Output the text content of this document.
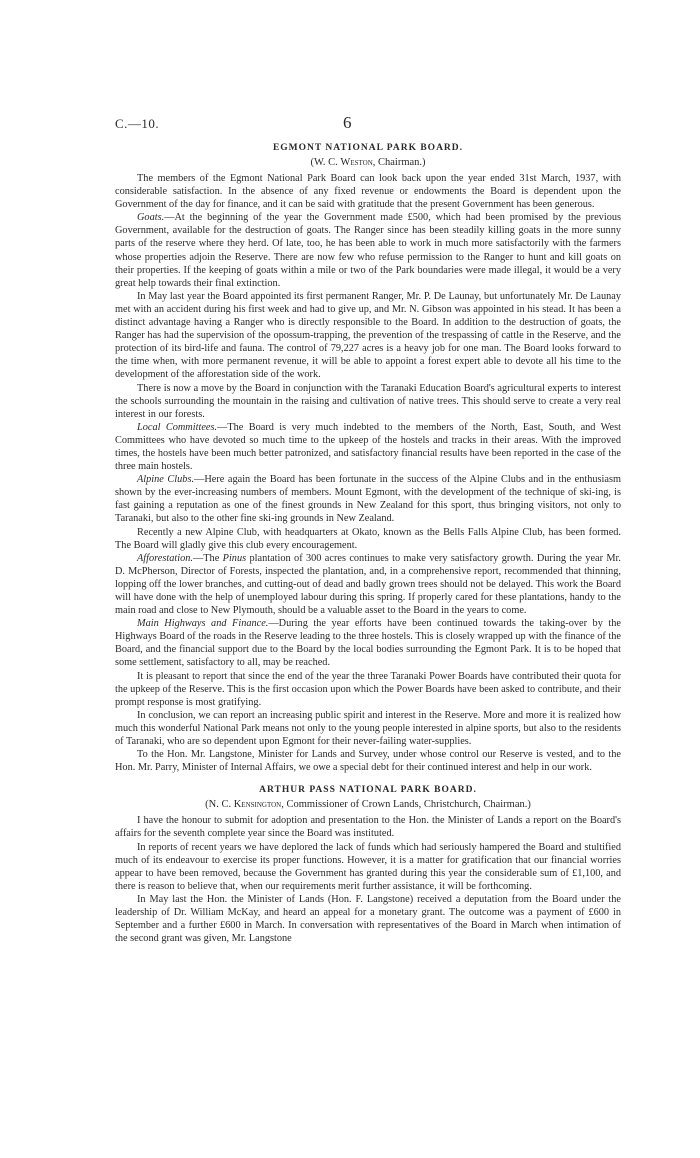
C.—10.	6
EGMONT NATIONAL PARK BOARD.
(W. C. Weston, Chairman.)

The members of the Egmont National Park Board can look back upon the year ended 31st March, 1937, with considerable satisfaction. In the absence of any fixed revenue or endowments the Board is dependent upon the Government of the day for finance, and it can be said with gratitude that the present Government has been generous.

Goats.—At the beginning of the year the Government made £500, which had been promised by the previous Government, available for the destruction of goats. The Ranger since has been steadily killing goats in the more sunny parts of the reserve where they herd. Of late, too, he has been able to work in much more satisfactorily with the farmers whose properties adjoin the Reserve. There are now few who refuse permission to the Ranger to hunt and kill goats on their properties. If the keeping of goats within a mile or two of the Park boundaries were made illegal, it would be a very great help towards their final extinction.

In May last year the Board appointed its first permanent Ranger, Mr. P. De Launay, but unfortunately Mr. De Launay met with an accident during his first week and had to give up, and Mr. N. Gibson was appointed in his stead. It has been a distinct advantage having a Ranger who is directly responsible to the Board. In addition to the destruction of goats, the Ranger has had the supervision of the opossum-trapping, the prevention of the trespassing of cattle in the Reserve, and the protection of its bird-life and fauna. The control of 79,227 acres is a heavy job for one man. The Board looks forward to the time when, with more permanent revenue, it will be able to appoint a forest expert able to devote all his time to the development of the afforestation side of the work.

There is now a move by the Board in conjunction with the Taranaki Education Board's agricultural experts to interest the schools surrounding the mountain in the raising and cultivation of native trees. This should serve to create a very real interest in our forests.

Local Committees.—The Board is very much indebted to the members of the North, East, South, and West Committees who have devoted so much time to the upkeep of the hostels and tracks in their areas. With the improved times, the hostels have been much better patronized, and satisfactory financial results have been reported in the case of the three main hostels.

Alpine Clubs.—Here again the Board has been fortunate in the success of the Alpine Clubs and in the enthusiasm shown by the ever-increasing numbers of members. Mount Egmont, with the development of the technique of ski-ing, is fast gaining a reputation as one of the finest grounds in New Zealand for this sport, thus bringing visitors, not only to Taranaki, but also to the other fine ski-ing grounds in New Zealand.

Recently a new Alpine Club, with headquarters at Okato, known as the Bells Falls Alpine Club, has been formed. The Board will gladly give this club every encouragement.

Afforestation.—The Pinus plantation of 300 acres continues to make very satisfactory growth. During the year Mr. D. McPherson, Director of Forests, inspected the plantation, and, in a comprehensive report, recommended that thinning, lopping off the lower branches, and cutting-out of dead and badly grown trees should not be delayed. This work the Board will have done with the help of unemployed labour during this spring. If properly cared for these plantations, handy to the main road and close to New Plymouth, should be a valuable asset to the Board in the years to come.

Main Highways and Finance.—During the year efforts have been continued towards the taking-over by the Highways Board of the roads in the Reserve leading to the three hostels. This is closely wrapped up with the finance of the Board, and the financial support due to the Board by the local bodies surrounding the Egmont Park. It is to be hoped that some settlement, satisfactory to all, may be reached.

It is pleasant to report that since the end of the year the three Taranaki Power Boards have contributed their quota for the upkeep of the Reserve. This is the first occasion upon which the Power Boards have been asked to contribute, and their prompt response is most gratifying.

In conclusion, we can report an increasing public spirit and interest in the Reserve. More and more it is realized how much this wonderful National Park means not only to the young people interested in alpine sports, but also to the residents of Taranaki, who are so dependent upon Egmont for their never-failing water-supplies.

To the Hon. Mr. Langstone, Minister for Lands and Survey, under whose control our Reserve is vested, and to the Hon. Mr. Parry, Minister of Internal Affairs, we owe a special debt for their continued interest and help in our work.

ARTHUR PASS NATIONAL PARK BOARD.
(N. C. Kensington, Commissioner of Crown Lands, Christchurch, Chairman.)

I have the honour to submit for adoption and presentation to the Hon. the Minister of Lands a report on the Board's affairs for the seventh complete year since the Board was instituted.

In reports of recent years we have deplored the lack of funds which had seriously hampered the Board and stultified much of its endeavour to exercise its proper functions. However, it is a matter for gratification that our financial worries appear to have been removed, because the Government has granted during this year the considerable sum of £1,100, and there is reason to believe that, when our requirements merit further assistance, it will be forthcoming.

In May last the Hon. the Minister of Lands (Hon. F. Langstone) received a deputation from the Board under the leadership of Dr. William McKay, and heard an appeal for a monetary grant. The outcome was a payment of £600 in September and a further £600 in March. In conversation with representatives of the Board in March when intimation of the second grant was given, Mr. Langstone
